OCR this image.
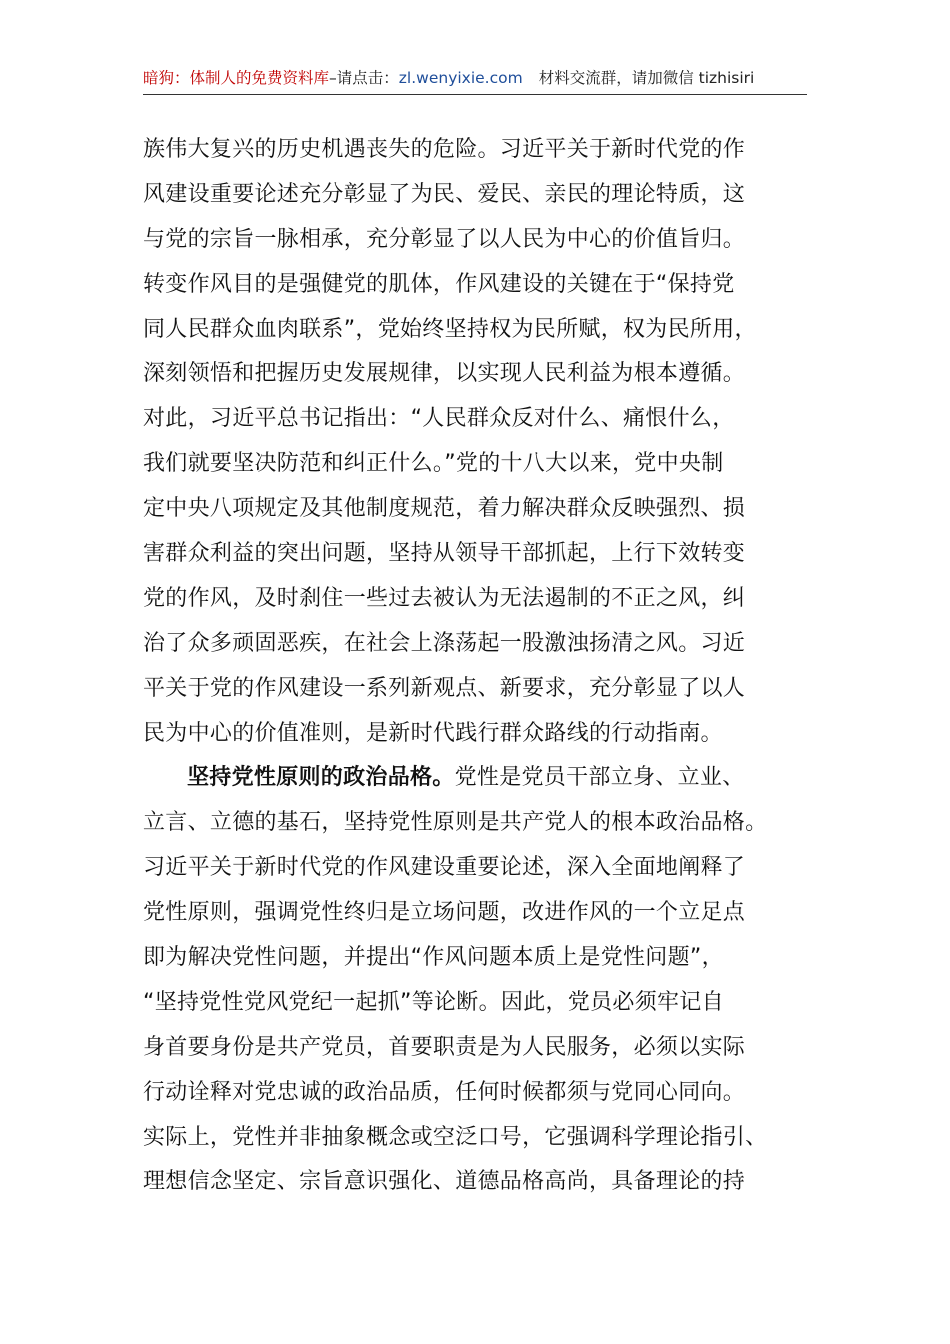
暗狗：体制人的免费资料库–请点击：zl.wenyixie.com 材料交流群，请加微信 tizhisiri
族伟大复兴的历史机遇丧失的危险。习近平关于新时代党的作
风建设重要论述充分彰显了为民、爱民、亲民的理论特质，这
与党的宗旨一脉相承，充分彰显了以人民为中心的价值旨归。
转变作风目的是强健党的肌体，作风建设的关键在于“保持党
同人民群众血肉联系”，党始终坚持权为民所赋，权为民所用，
深刻领悟和把握历史发展规律，以实现人民利益为根本遵循。
对此，习近平总书记指出：“人民群众反对什么、痛恨什么，
我们就要坚决防范和纠正什么。”党的十八大以来，党中央制
定中央八项规定及其他制度规范，着力解决群众反映强烈、损
害群众利益的突出问题，坚持从领导干部抓起，上行下效转变
党的作风，及时刹住一些过去被认为无法遏制的不正之风，纠
治了众多顽固恶疾，在社会上涤荡起一股激浊扬清之风。习近
平关于党的作风建设一系列新观点、新要求，充分彰显了以人
民为中心的价值准则，是新时代践行群众路线的行动指南。
坚持党性原则的政治品格。党性是党员干部立身、立业、
立言、立德的基石，坚持党性原则是共产党人的根本政治品格。
习近平关于新时代党的作风建设重要论述，深入全面地阐释了
党性原则，强调党性终归是立场问题，改进作风的一个立足点
即为解决党性问题，并提出“作风问题本质上是党性问题”，
“坚持党性党风党纪一起抓”等论断。因此，党员必须牢记自
身首要身份是共产党员，首要职责是为人民服务，必须以实际
行动诠释对党忠诚的政治品质，任何时候都须与党同心同向。
实际上，党性并非抽象概念或空泛口号，它强调科学理论指引、
理想信念坚定、宗旨意识强化、道德品格高尚，具备理论的持
